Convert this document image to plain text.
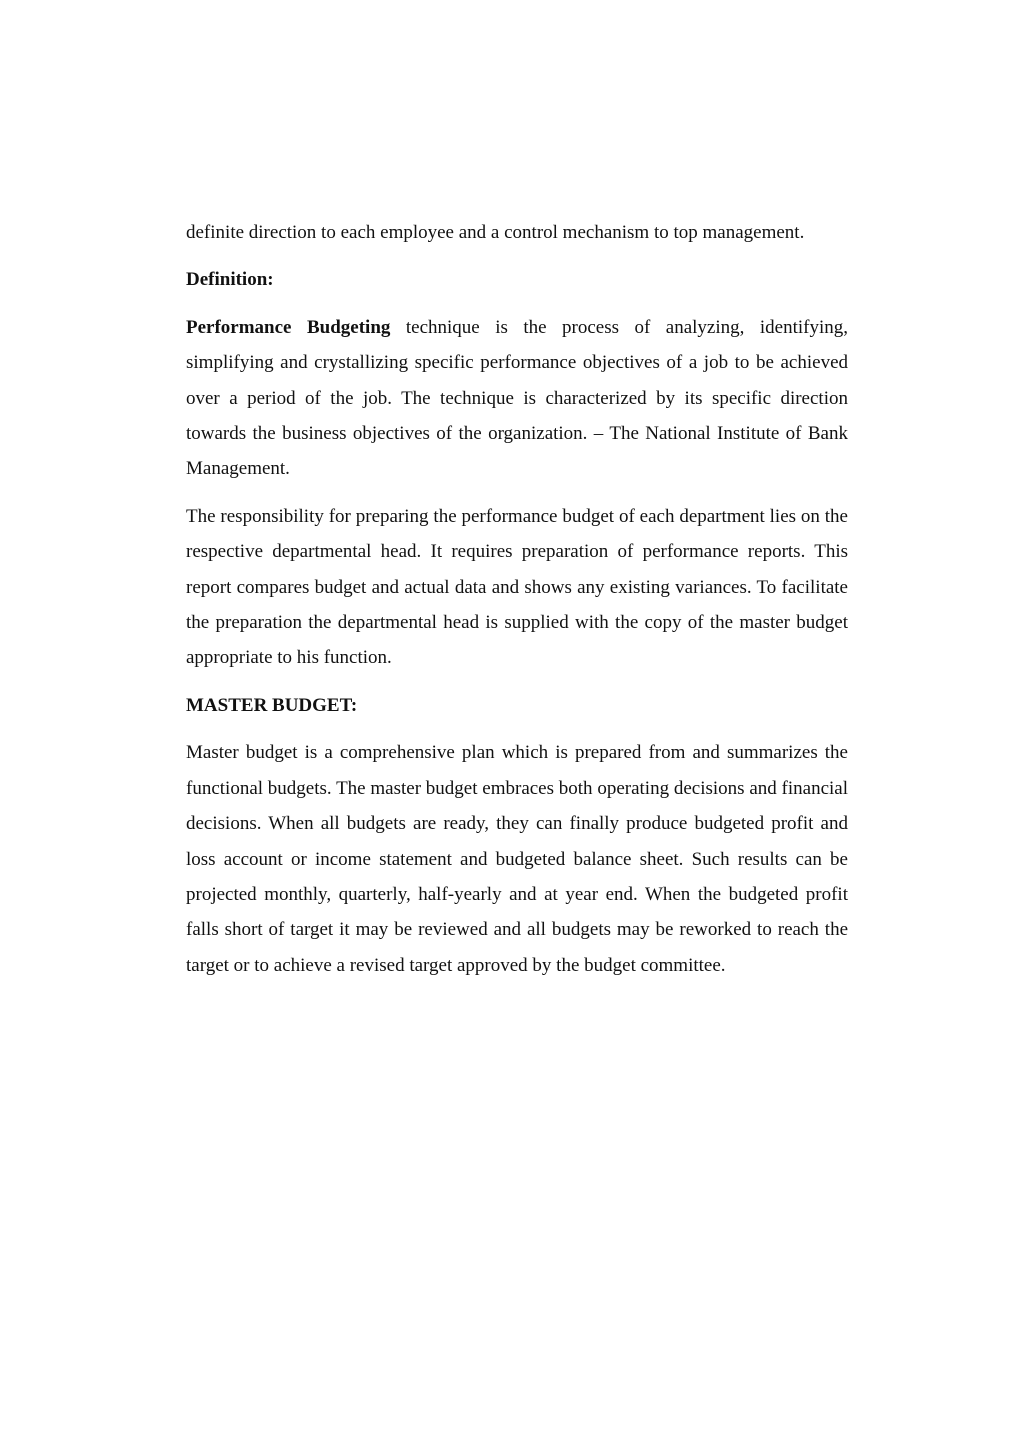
definite direction to each employee and a control mechanism to top management.

Definition:

Performance Budgeting technique is the process of analyzing, identifying, simplifying and crystallizing specific performance objectives of a job to be achieved over a period of the job. The technique is characterized by its specific direction towards the business objectives of the organization. – The National Institute of Bank Management.

The responsibility for preparing the performance budget of each department lies on the respective departmental head. It requires preparation of performance reports. This report compares budget and actual data and shows any existing variances. To facilitate the preparation the departmental head is supplied with the copy of the master budget appropriate to his function.

MASTER BUDGET:

Master budget is a comprehensive plan which is prepared from and summarizes the functional budgets. The master budget embraces both operating decisions and financial decisions. When all budgets are ready, they can finally produce budgeted profit and loss account or income statement and budgeted balance sheet. Such results can be projected monthly, quarterly, half-yearly and at year end. When the budgeted profit falls short of target it may be reviewed and all budgets may be reworked to reach the target or to achieve a revised target approved by the budget committee.
